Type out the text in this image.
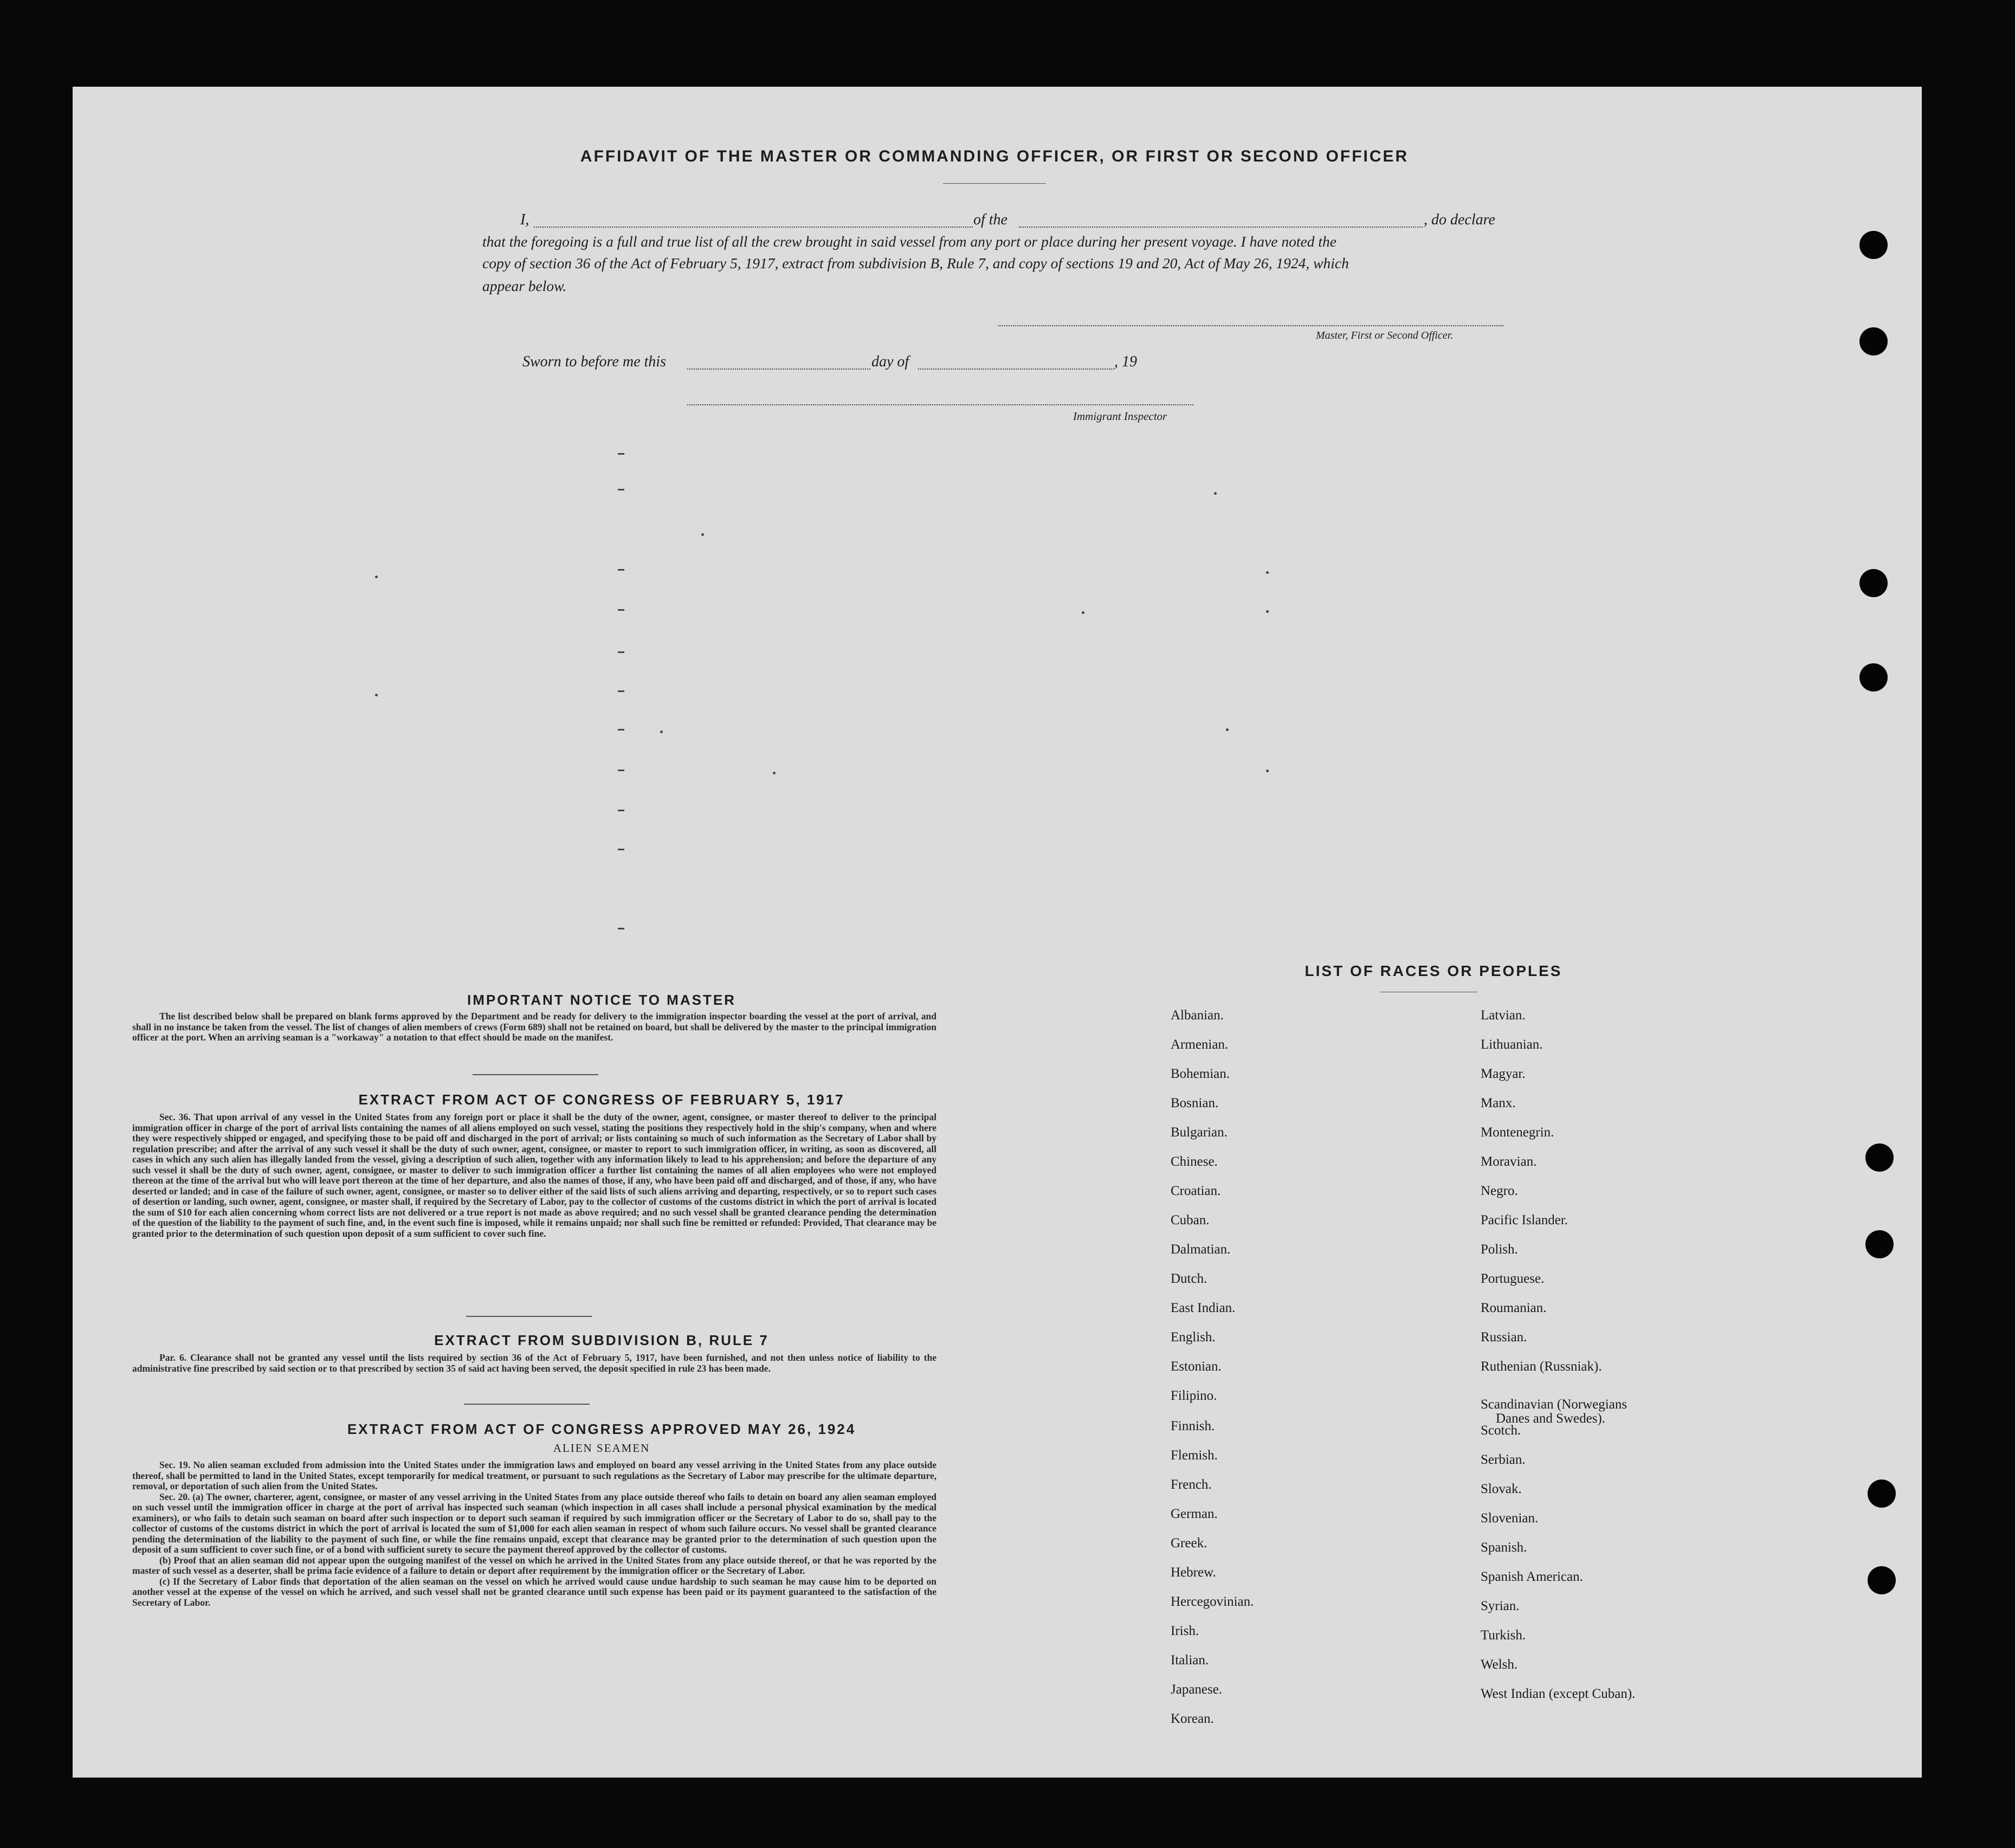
AFFIDAVIT OF THE MASTER OR COMMANDING OFFICER, OR FIRST OR SECOND OFFICER
I,	of the	, do declare
that the foregoing is a full and true list of all the crew brought in said vessel from any port or place during her present voyage. I have noted the
copy of section 36 of the Act of February 5, 1917, extract from subdivision B, Rule 7, and copy of sections 19 and 20, Act of May 26, 1924, which
appear below.
Master, First or Second Officer.
Sworn to before me this	day of	, 19
Immigrant Inspector
IMPORTANT NOTICE TO MASTER

The list described below shall be prepared on blank forms approved by the Department and be ready for delivery to the immigration inspector boarding the vessel at the port of arrival, and shall in no instance be taken from the vessel. The list of changes of alien members of crews (Form 689) shall not be retained on board, but shall be delivered by the master to the principal immigration officer at the port. When an arriving seaman is a "workaway" a notation to that effect should be made on the manifest.

EXTRACT FROM ACT OF CONGRESS OF FEBRUARY 5, 1917

Sec. 36. That upon arrival of any vessel in the United States from any foreign port or place it shall be the duty of the owner, agent, consignee, or master thereof to deliver to the principal immigration officer in charge of the port of arrival lists containing the names of all aliens employed on such vessel, stating the positions they respectively hold in the ship's company, when and where they were respectively shipped or engaged, and specifying those to be paid off and discharged in the port of arrival; or lists containing so much of such information as the Secretary of Labor shall by regulation prescribe; and after the arrival of any such vessel it shall be the duty of such owner, agent, consignee, or master to report to such immigration officer, in writing, as soon as discovered, all cases in which any such alien has illegally landed from the vessel, giving a description of such alien, together with any information likely to lead to his apprehension; and before the departure of any such vessel it shall be the duty of such owner, agent, consignee, or master to deliver to such immigration officer a further list containing the names of all alien employees who were not employed thereon at the time of the arrival but who will leave port thereon at the time of her departure, and also the names of those, if any, who have been paid off and discharged, and of those, if any, who have deserted or landed; and in case of the failure of such owner, agent, consignee, or master so to deliver either of the said lists of such aliens arriving and departing, respectively, or so to report such cases of desertion or landing, such owner, agent, consignee, or master shall, if required by the Secretary of Labor, pay to the collector of customs of the customs district in which the port of arrival is located the sum of $10 for each alien concerning whom correct lists are not delivered or a true report is not made as above required; and no such vessel shall be granted clearance pending the determination of the question of the liability to the payment of such fine, and, in the event such fine is imposed, while it remains unpaid; nor shall such fine be remitted or refunded: Provided, That clearance may be granted prior to the determination of such question upon deposit of a sum sufficient to cover such fine.

EXTRACT FROM SUBDIVISION B, RULE 7

Par. 6. Clearance shall not be granted any vessel until the lists required by section 36 of the Act of February 5, 1917, have been furnished, and not then unless notice of liability to the administrative fine prescribed by said section or to that prescribed by section 35 of said act having been served, the deposit specified in rule 23 has been made.

EXTRACT FROM ACT OF CONGRESS APPROVED MAY 26, 1924
ALIEN SEAMEN

Sec. 19. No alien seaman excluded from admission into the United States under the immigration laws and employed on board any vessel arriving in the United States from any place outside thereof, shall be permitted to land in the United States, except temporarily for medical treatment, or pursuant to such regulations as the Secretary of Labor may prescribe for the ultimate departure, removal, or deportation of such alien from the United States.

Sec. 20. (a) The owner, charterer, agent, consignee, or master of any vessel arriving in the United States from any place outside thereof who fails to detain on board any alien seaman employed on such vessel until the immigration officer in charge at the port of arrival has inspected such seaman (which inspection in all cases shall include a personal physical examination by the medical examiners), or who fails to detain such seaman on board after such inspection or to deport such seaman if required by such immigration officer or the Secretary of Labor to do so, shall pay to the collector of customs of the customs district in which the port of arrival is located the sum of $1,000 for each alien seaman in respect of whom such failure occurs. No vessel shall be granted clearance pending the determination of the liability to the payment of such fine, or while the fine remains unpaid, except that clearance may be granted prior to the determination of such question upon the deposit of a sum sufficient to cover such fine, or of a bond with sufficient surety to secure the payment thereof approved by the collector of customs.

(b) Proof that an alien seaman did not appear upon the outgoing manifest of the vessel on which he arrived in the United States from any place outside thereof, or that he was reported by the master of such vessel as a deserter, shall be prima facie evidence of a failure to detain or deport after requirement by the immigration officer or the Secretary of Labor.

(c) If the Secretary of Labor finds that deportation of the alien seaman on the vessel on which he arrived would cause undue hardship to such seaman he may cause him to be deported on another vessel at the expense of the vessel on which he arrived, and such vessel shall not be granted clearance until such expense has been paid or its payment guaranteed to the satisfaction of the Secretary of Labor.

LIST OF RACES OR PEOPLES
Albanian.
Armenian.
Bohemian.
Bosnian.
Bulgarian.
Chinese.
Croatian.
Cuban.
Dalmatian.
Dutch.
East Indian.
English.
Estonian.
Filipino.
Finnish.
Flemish.
French.
German.
Greek.
Hebrew.
Hercegovinian.
Irish.
Italian.
Japanese.
Korean.
Latvian.
Lithuanian.
Magyar.
Manx.
Montenegrin.
Moravian.
Negro.
Pacific Islander.
Polish.
Portuguese.
Roumanian.
Russian.
Ruthenian (Russniak).
Scandinavian (Norwegians
Danes and Swedes).
Scotch.
Serbian.
Slovak.
Slovenian.
Spanish.
Spanish American.
Syrian.
Turkish.
Welsh.
West Indian (except Cuban).
